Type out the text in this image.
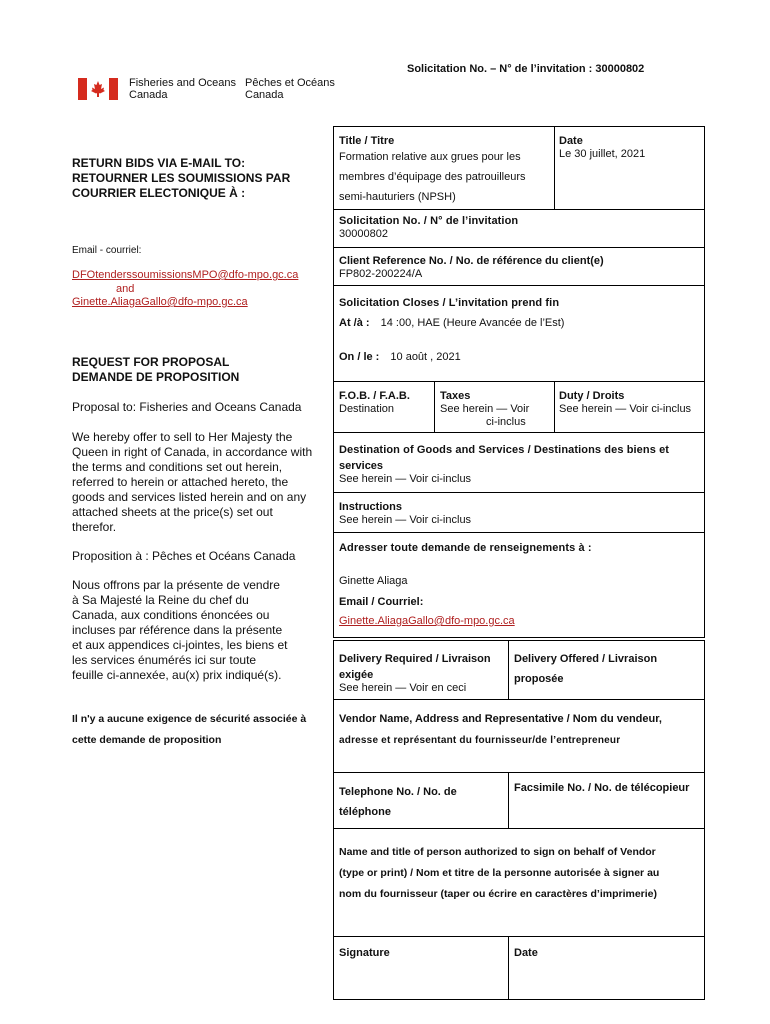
Solicitation No. – N° de l’invitation : 30000802
Fisheries and Oceans
Canada
Pêches et Océans
Canada
RETURN BIDS VIA E-MAIL TO:
RETOURNER LES SOUMISSIONS PAR
COURRIER ELECTONIQUE À :
Email - courriel:
DFOtenderssoumissionsMPO@dfo-mpo.gc.ca
and
Ginette.AliagaGallo@dfo-mpo.gc.ca
REQUEST FOR PROPOSAL
DEMANDE DE PROPOSITION
Proposal to: Fisheries and Oceans Canada
We hereby offer to sell to Her Majesty the
Queen in right of Canada, in accordance with
the terms and conditions set out herein,
referred to herein or attached hereto, the
goods and services listed herein and on any
attached sheets at the price(s) set out
therefor.
Proposition à : Pêches et Océans Canada
Nous offrons par la présente de vendre
à Sa Majesté la Reine du chef du
Canada, aux conditions énoncées ou
incluses par référence dans la présente
et aux appendices ci-jointes, les biens et
les services énumérés ici sur toute
feuille ci-annexée, au(x) prix indiqué(s).
Il n'y a aucune exigence de sécurité associée à
cette demande de proposition
Title / Titre
Formation relative aux grues pour les
membres d’équipage des patrouilleurs
semi-hauturiers (NPSH)
Date
Le 30 juillet, 2021
Solicitation No. / N° de l’invitation
30000802
Client Reference No. / No. de référence du client(e)
FP802-200224/A
Solicitation Closes / L’invitation prend fin
At /à : 14 :00, HAE (Heure Avancée de l’Est)
On / le : 10 août , 2021
F.O.B. / F.A.B.
Destination
Taxes
See herein — Voir
ci-inclus
Duty / Droits
See herein — Voir ci-inclus
Destination of Goods and Services / Destinations des biens et
services
See herein — Voir ci-inclus
Instructions
See herein — Voir ci-inclus
Adresser toute demande de renseignements à :
Ginette Aliaga
Email / Courriel:
Ginette.AliagaGallo@dfo-mpo.gc.ca
Delivery Required / Livraison
exigée
See herein — Voir en ceci
Delivery Offered / Livraison
proposée
Vendor Name, Address and Representative / Nom du vendeur,
adresse et représentant du fournisseur/de l’entrepreneur
Telephone No. / No. de
téléphone
Facsimile No. / No. de télécopieur
Name and title of person authorized to sign on behalf of Vendor
(type or print) / Nom et titre de la personne autorisée à signer au
nom du fournisseur (taper ou écrire en caractères d’imprimerie)
Signature	Date
